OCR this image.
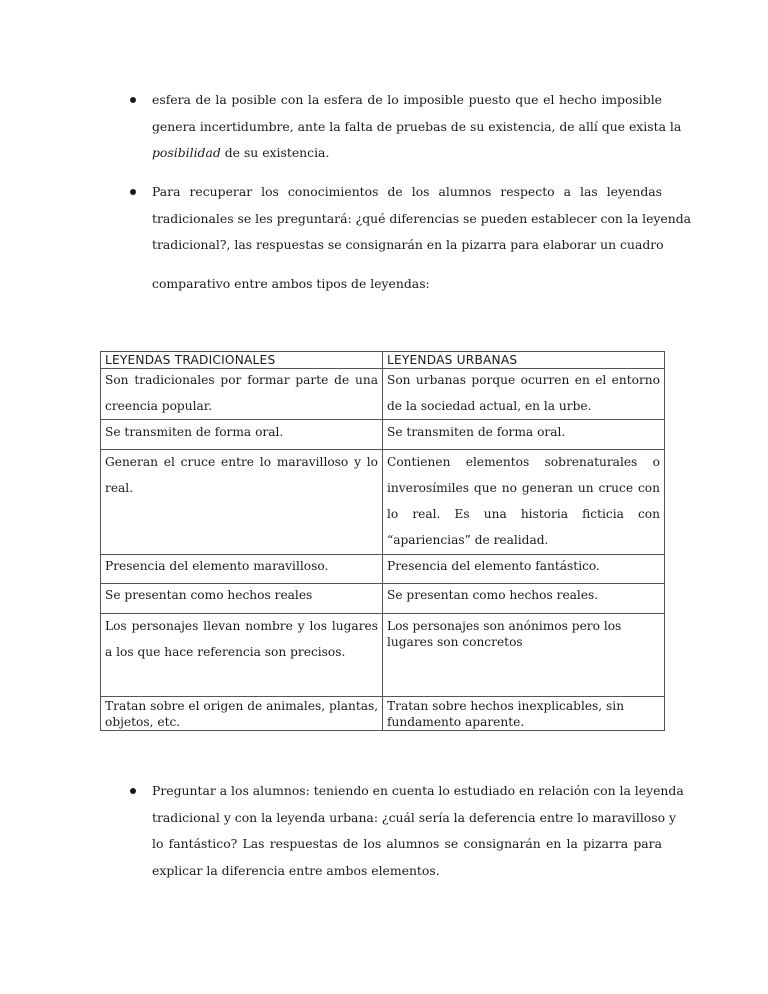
esfera de la posible con la esfera de lo imposible puesto que el hecho imposible
genera incertidumbre, ante la falta de pruebas de su existencia, de allí que exista la
posibilidad de su existencia.
Para recuperar los conocimientos de los alumnos respecto a las leyendas
tradicionales se les preguntará: ¿qué diferencias se pueden establecer con la leyenda
tradicional?, las respuestas se consignarán en la pizarra para elaborar un cuadro
comparativo entre ambos tipos de leyendas:
LEYENDAS TRADICIONALES	LEYENDAS URBANAS

Son tradicionales por formar parte de una
creencia popular.	Son urbanas porque ocurren en el entorno
de la sociedad actual, en la urbe.

Se transmiten de forma oral.	Se transmiten de forma oral.

Generan el cruce entre lo maravilloso y lo
real.	Contienen elementos sobrenaturales o
inverosímiles que no generan un cruce con
lo real. Es una historia ficticia con
“apariencias” de realidad.

Presencia del elemento maravilloso.	Presencia del elemento fantástico.

Se presentan como hechos reales	Se presentan como hechos reales.

Los personajes llevan nombre y los lugares
a los que hace referencia son precisos.	Los personajes son anónimos pero los
lugares son concretos

Tratan sobre el origen de animales, plantas,
objetos, etc.	Tratan sobre hechos inexplicables, sin
fundamento aparente.
Preguntar a los alumnos: teniendo en cuenta lo estudiado en relación con la leyenda
tradicional y con la leyenda urbana: ¿cuál sería la deferencia entre lo maravilloso y
lo fantástico? Las respuestas de los alumnos se consignarán en la pizarra para
explicar la diferencia entre ambos elementos.
